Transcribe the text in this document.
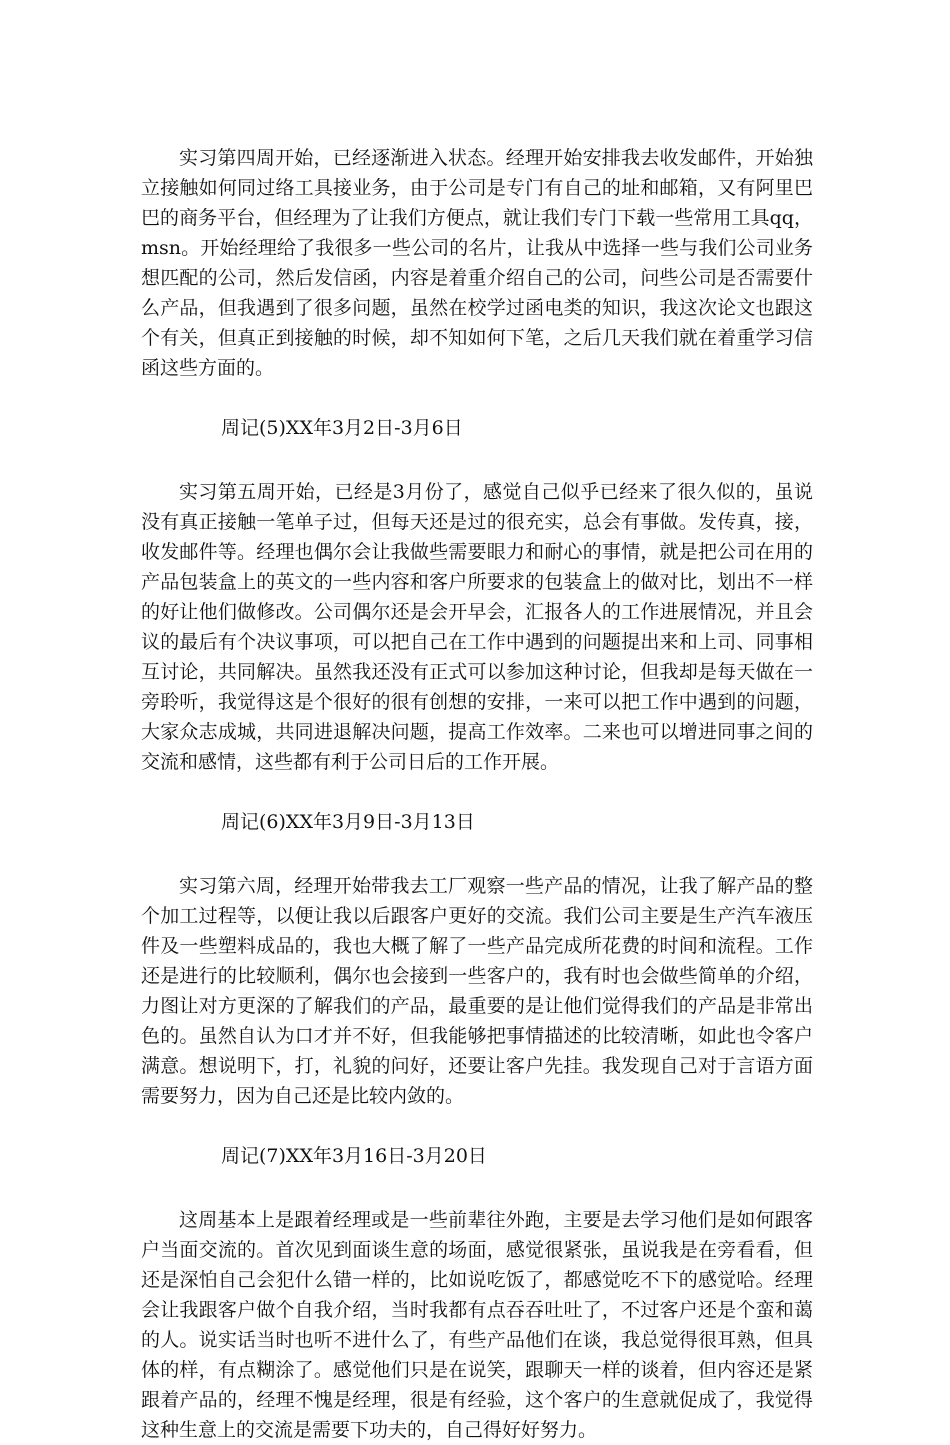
实习第四周开始，已经逐渐进入状态。经理开始安排我去收发邮件，开始独立接触如何同过络工具接业务，由于公司是专门有自己的址和邮箱，又有阿里巴巴的商务平台，但经理为了让我们方便点，就让我们专门下载一些常用工具qq，msn。开始经理给了我很多一些公司的名片，让我从中选择一些与我们公司业务想匹配的公司，然后发信函，内容是着重介绍自己的公司，问些公司是否需要什么产品，但我遇到了很多问题，虽然在校学过函电类的知识，我这次论文也跟这个有关，但真正到接触的时候，却不知如何下笔，之后几天我们就在着重学习信函这些方面的。

周记(5)XX年3月2日-3月6日

实习第五周开始，已经是3月份了，感觉自己似乎已经来了很久似的，虽说没有真正接触一笔单子过，但每天还是过的很充实，总会有事做。发传真，接，收发邮件等。经理也偶尔会让我做些需要眼力和耐心的事情，就是把公司在用的产品包装盒上的英文的一些内容和客户所要求的包装盒上的做对比，划出不一样的好让他们做修改。公司偶尔还是会开早会，汇报各人的工作进展情况，并且会议的最后有个决议事项，可以把自己在工作中遇到的问题提出来和上司、同事相互讨论，共同解决。虽然我还没有正式可以参加这种讨论，但我却是每天做在一旁聆听，我觉得这是个很好的很有创想的安排，一来可以把工作中遇到的问题，大家众志成城，共同进退解决问题，提高工作效率。二来也可以增进同事之间的交流和感情，这些都有利于公司日后的工作开展。

周记(6)XX年3月9日-3月13日

实习第六周，经理开始带我去工厂观察一些产品的情况，让我了解产品的整个加工过程等，以便让我以后跟客户更好的交流。我们公司主要是生产汽车液压件及一些塑料成品的，我也大概了解了一些产品完成所花费的时间和流程。工作还是进行的比较顺利，偶尔也会接到一些客户的，我有时也会做些简单的介绍，力图让对方更深的了解我们的产品，最重要的是让他们觉得我们的产品是非常出色的。虽然自认为口才并不好，但我能够把事情描述的比较清晰，如此也令客户满意。想说明下，打，礼貌的问好，还要让客户先挂。我发现自己对于言语方面需要努力，因为自己还是比较内敛的。

周记(7)XX年3月16日-3月20日

这周基本上是跟着经理或是一些前辈往外跑，主要是去学习他们是如何跟客户当面交流的。首次见到面谈生意的场面，感觉很紧张，虽说我是在旁看看，但还是深怕自己会犯什么错一样的，比如说吃饭了，都感觉吃不下的感觉哈。经理会让我跟客户做个自我介绍，当时我都有点吞吞吐吐了，不过客户还是个蛮和蔼的人。说实话当时也听不进什么了，有些产品他们在谈，我总觉得很耳熟，但具体的样，有点糊涂了。感觉他们只是在说笑，跟聊天一样的谈着，但内容还是紧跟着产品的，经理不愧是经理，很是有经验，这个客户的生意就促成了，我觉得这种生意上的交流是需要下功夫的，自己得好好努力。
